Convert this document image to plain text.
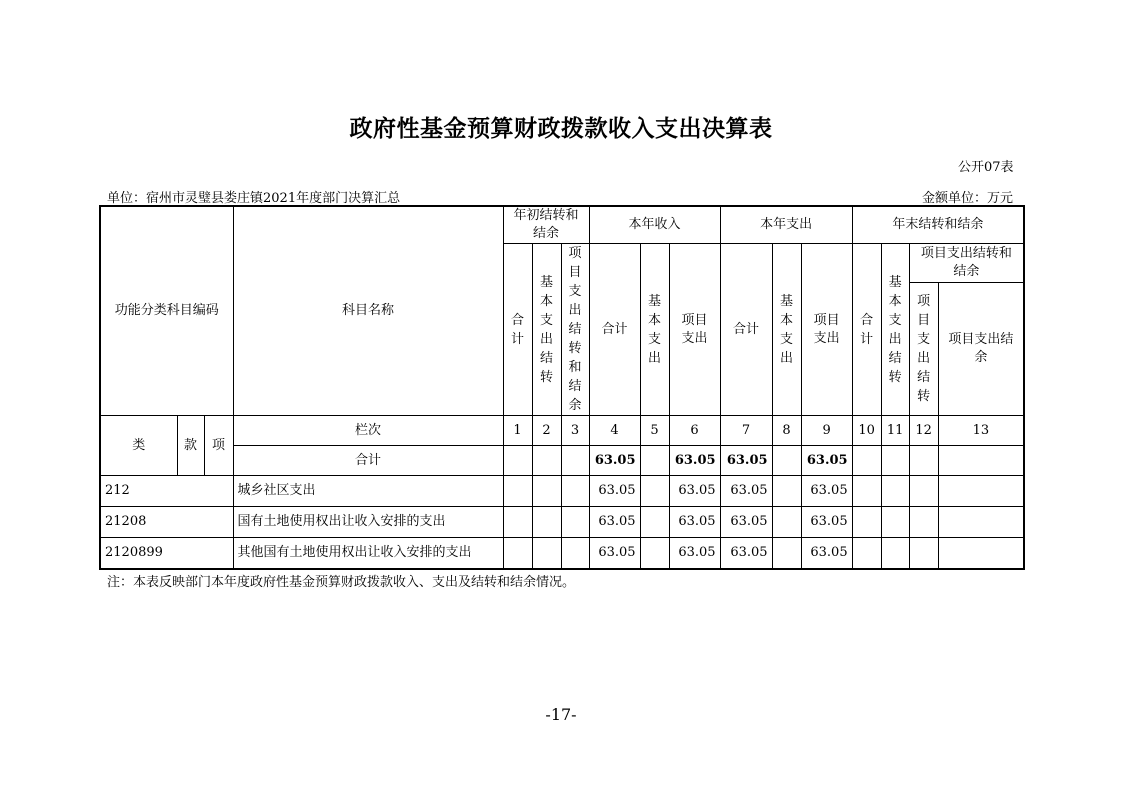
政府性基金预算财政拨款收入支出决算表
公开07表
单位：宿州市灵璧县娄庄镇2021年度部门决算汇总	金额单位：万元
功能分类科目编码			科目名称	年初结转和结余			本年收入			本年支出			年末结转和结余			
				合计	基本支出结转	项目支出结转和结余	合计	基本支出	项目支出	合计	基本支出	项目支出	合计	基本支出结转	项目支出结转和结余	
															项目支出结转	项目支出结余
类	款	项	栏次	1	2	3	4	5	6	7	8	9	10	11	12	13
			合计				63.05		63.05	63.05		63.05				
212			城乡社区支出				63.05		63.05	63.05		63.05				
21208			国有土地使用权出让收入安排的支出				63.05		63.05	63.05		63.05				
2120899			其他国有土地使用权出让收入安排的支出				63.05		63.05	63.05		63.05				
注：本表反映部门本年度政府性基金预算财政拨款收入、支出及结转和结余情况。
-17-
